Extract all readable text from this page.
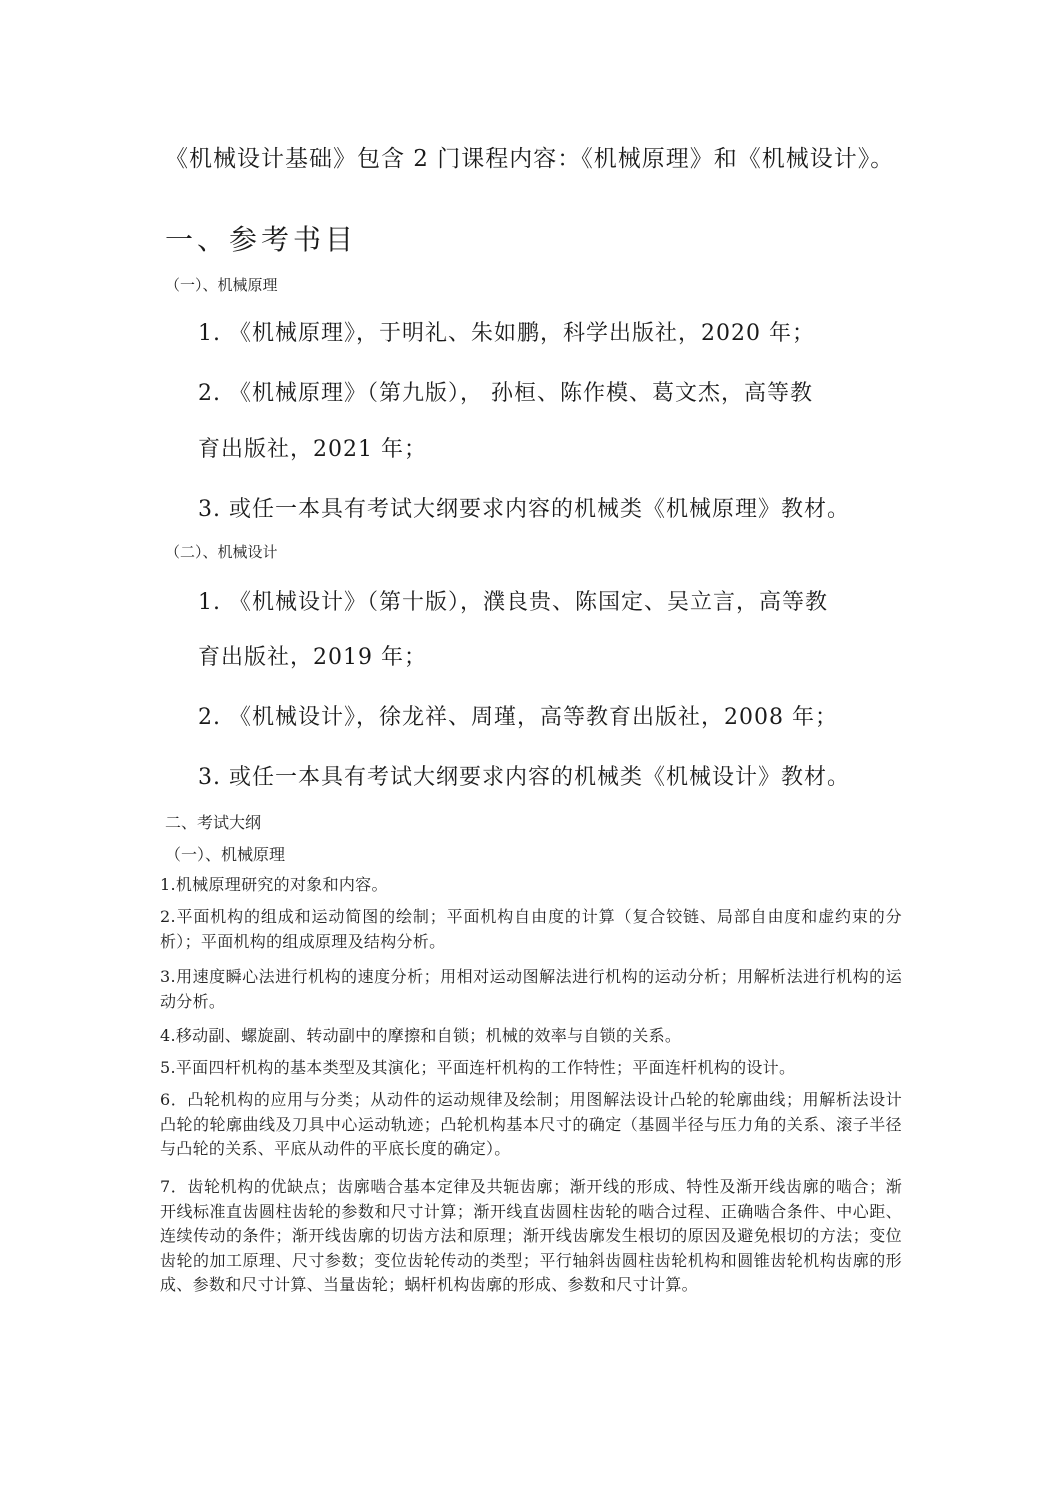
《机械设计基础》包含 2 门课程内容：《机械原理》和《机械设计》。
一、参考书目
（一）、机械原理
1. 《机械原理》，于明礼、朱如鹏，科学出版社，2020 年；
2. 《机械原理》（第九版）， 孙桓、陈作模、葛文杰，高等教
育出版社，2021 年；
3. 或任一本具有考试大纲要求内容的机械类《机械原理》教材。
（二）、机械设计
1. 《机械设计》（第十版），濮良贵、陈国定、吴立言，高等教
育出版社，2019 年；
2. 《机械设计》，徐龙祥、周瑾，高等教育出版社，2008 年；
3. 或任一本具有考试大纲要求内容的机械类《机械设计》教材。
二、考试大纲
（一）、机械原理
1.机械原理研究的对象和内容。
2.平面机构的组成和运动简图的绘制；平面机构自由度的计算（复合铰链、局部自由度和虚约束的分析）；平面机构的组成原理及结构分析。
3.用速度瞬心法进行机构的速度分析；用相对运动图解法进行机构的运动分析；用解析法进行机构的运动分析。
4.移动副、螺旋副、转动副中的摩擦和自锁；机械的效率与自锁的关系。
5.平面四杆机构的基本类型及其演化；平面连杆机构的工作特性；平面连杆机构的设计。
6．凸轮机构的应用与分类；从动件的运动规律及绘制；用图解法设计凸轮的轮廓曲线；用解析法设计凸轮的轮廓曲线及刀具中心运动轨迹；凸轮机构基本尺寸的确定（基圆半径与压力角的关系、滚子半径与凸轮的关系、平底从动件的平底长度的确定）。
7．齿轮机构的优缺点；齿廓啮合基本定律及共轭齿廓；渐开线的形成、特性及渐开线齿廓的啮合；渐开线标准直齿圆柱齿轮的参数和尺寸计算；渐开线直齿圆柱齿轮的啮合过程、正确啮合条件、中心距、连续传动的条件；渐开线齿廓的切齿方法和原理；渐开线齿廓发生根切的原因及避免根切的方法；变位齿轮的加工原理、尺寸参数；变位齿轮传动的类型；平行轴斜齿圆柱齿轮机构和圆锥齿轮机构齿廓的形成、参数和尺寸计算、当量齿轮；蜗杆机构齿廓的形成、参数和尺寸计算。
